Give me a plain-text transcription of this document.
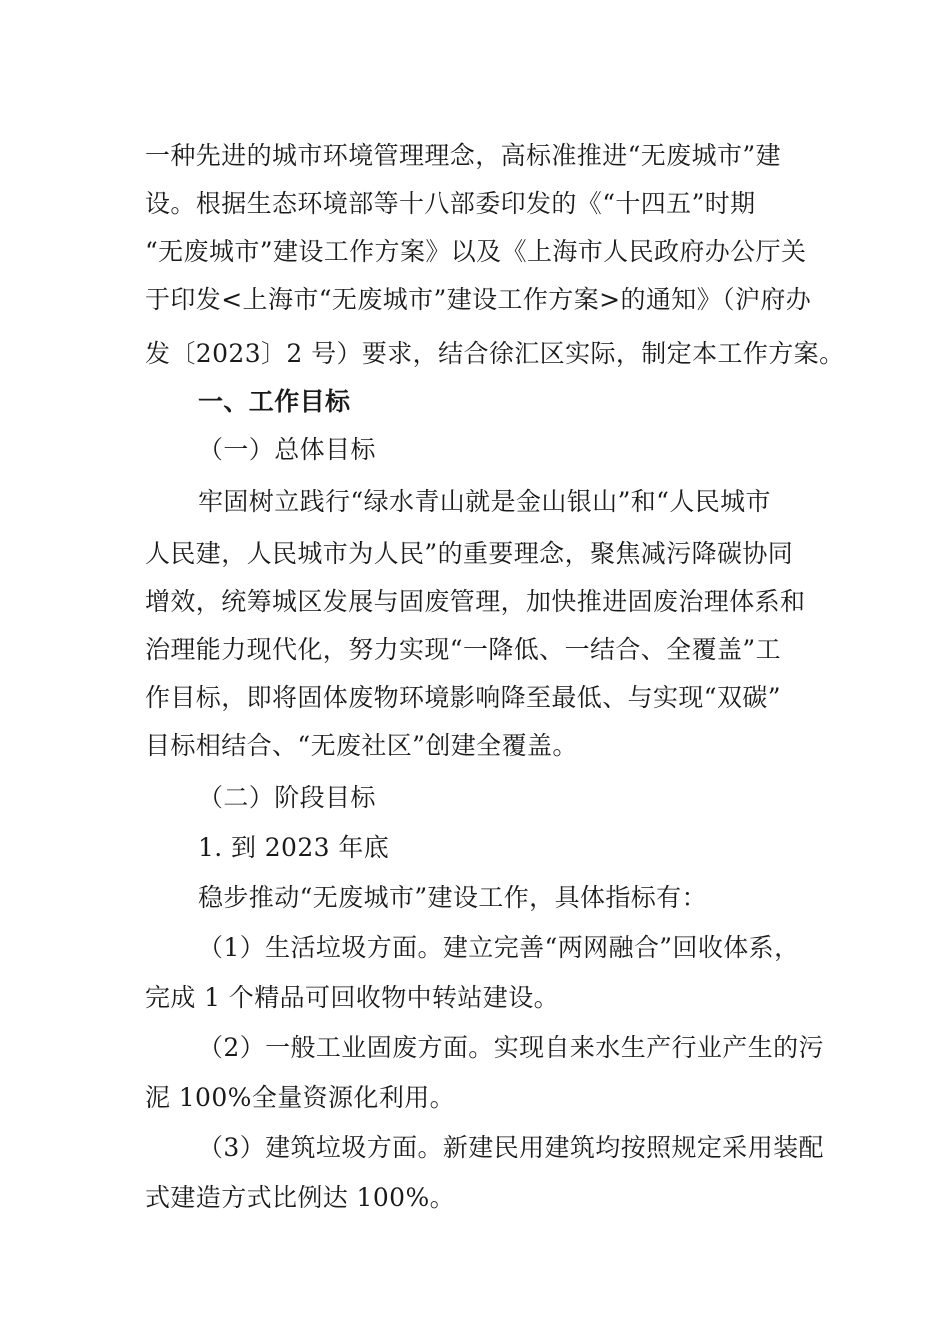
一种先进的城市环境管理理念，高标准推进“无废城市”建
设。根据生态环境部等十八部委印发的《“十四五”时期
“无废城市”建设工作方案》以及《上海市人民政府办公厅关
于印发<上海市“无废城市”建设工作方案>的通知》（沪府办
发〔2023〕2 号）要求，结合徐汇区实际，制定本工作方案。
一、工作目标
（一）总体目标
牢固树立践行“绿水青山就是金山银山”和“人民城市
人民建，人民城市为人民”的重要理念，聚焦减污降碳协同
增效，统筹城区发展与固废管理，加快推进固废治理体系和
治理能力现代化，努力实现“一降低、一结合、全覆盖”工
作目标，即将固体废物环境影响降至最低、与实现“双碳”
目标相结合、“无废社区”创建全覆盖。
（二）阶段目标
1. 到 2023 年底
稳步推动“无废城市”建设工作，具体指标有：
（1）生活垃圾方面。建立完善“两网融合”回收体系，
完成 1 个精品可回收物中转站建设。
（2）一般工业固废方面。实现自来水生产行业产生的污
泥 100%全量资源化利用。
（3）建筑垃圾方面。新建民用建筑均按照规定采用装配
式建造方式比例达 100%。
